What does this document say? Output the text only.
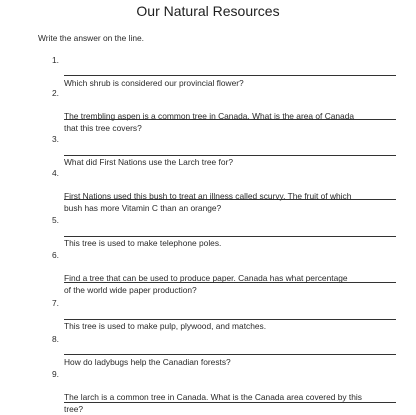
Our Natural Resources
Write the answer on the line.

1.

Which shrub is considered our provincial flower?

2.

The trembling aspen is a common tree in Canada. What is the area of Canada
that this tree covers?

3.

What did First Nations use the Larch tree for?

4.

First Nations used this bush to treat an illness called scurvy. The fruit of which
bush has more Vitamin C than an orange?

5.

This tree is used to make telephone poles.

6.

Find a tree that can be used to produce paper. Canada has what percentage
of the world wide paper production?

7.

This tree is used to make pulp, plywood, and matches.

8.

How do ladybugs help the Canadian forests?

9.

The larch is a common tree in Canada. What is the Canada area covered by this
tree?
